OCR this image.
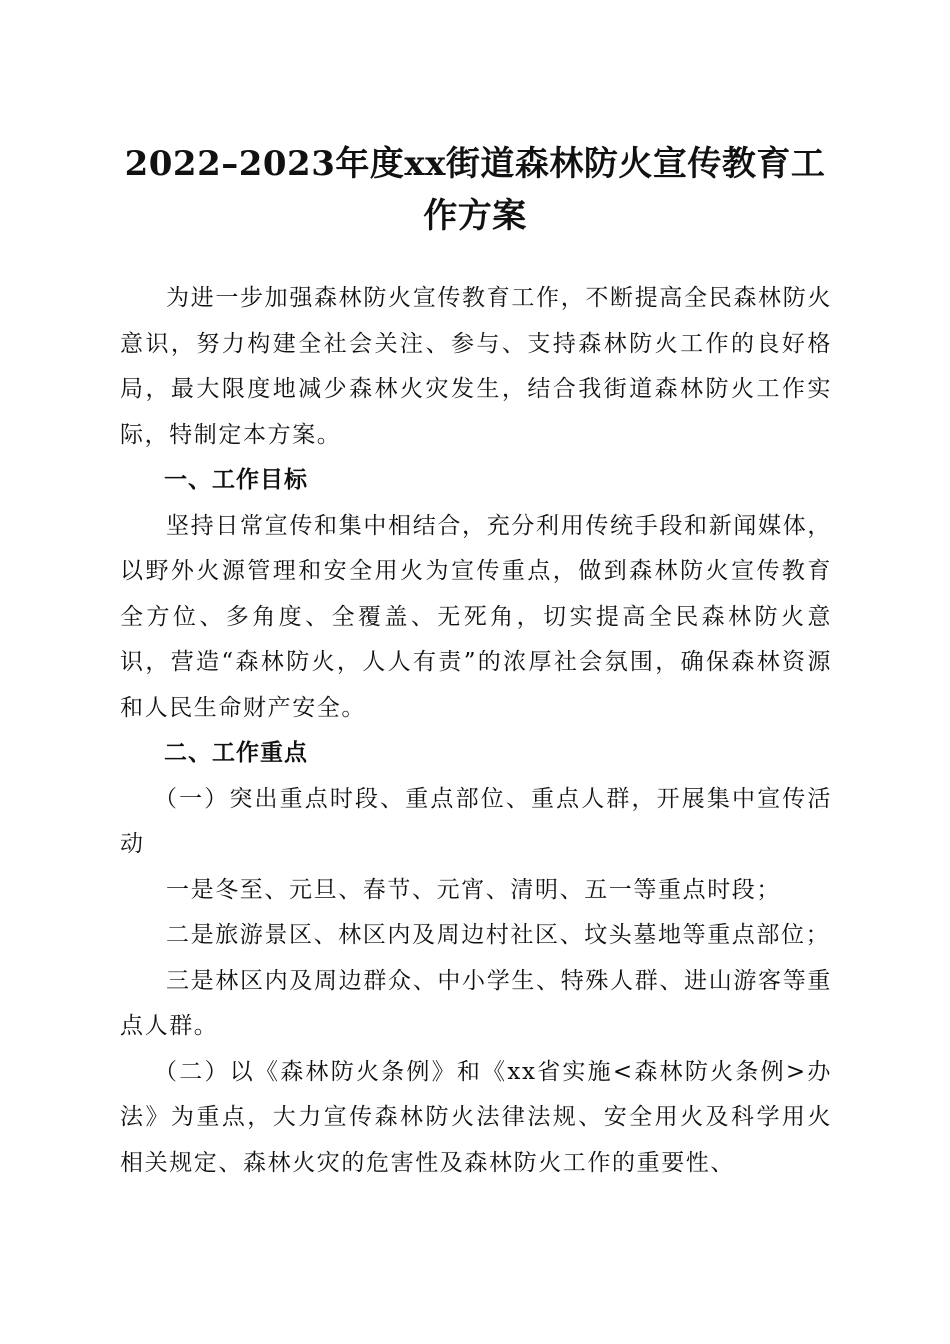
2022–2023年度xx街道森林防火宣传教育工
作方案

为进一步加强森林防火宣传教育工作，不断提高全民森林防火意识，努力构建全社会关注、参与、支持森林防火工作的良好格局，最大限度地减少森林火灾发生，结合我街道森林防火工作实际，特制定本方案。

一、工作目标

坚持日常宣传和集中相结合，充分利用传统手段和新闻媒体，以野外火源管理和安全用火为宣传重点，做到森林防火宣传教育全方位、多角度、全覆盖、无死角，切实提高全民森林防火意识，营造“森林防火，人人有责”的浓厚社会氛围，确保森林资源和人民生命财产安全。

二、工作重点

（一）突出重点时段、重点部位、重点人群，开展集中宣传活动

一是冬至、元旦、春节、元宵、清明、五一等重点时段；

二是旅游景区、林区内及周边村社区、坟头墓地等重点部位；

三是林区内及周边群众、中小学生、特殊人群、进山游客等重点人群。

（二）以《森林防火条例》和《xx省实施<森林防火条例>办法》为重点，大力宣传森林防火法律法规、安全用火及科学用火相关规定、森林火灾的危害性及森林防火工作的重要性、
